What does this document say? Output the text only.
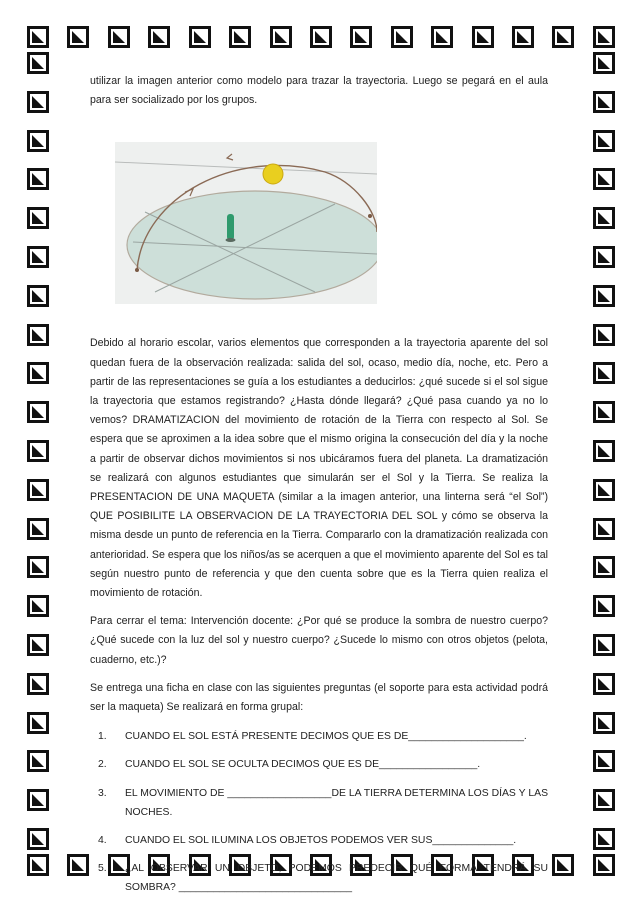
utilizar la imagen anterior como modelo para trazar la trayectoria. Luego se pegará en el aula para ser socializado por los grupos.

Debido al horario escolar, varios elementos que corresponden a la trayectoria aparente del sol quedan fuera de la observación realizada: salida del sol, ocaso, medio día, noche, etc. Pero a partir de las representaciones se guía a los estudiantes a deducirlos: ¿qué sucede si el sol sigue la trayectoria que estamos registrando? ¿Hasta dónde llegará? ¿Qué pasa cuando ya no lo vemos? DRAMATIZACION del movimiento de rotación de la Tierra con respecto al Sol. Se espera que se aproximen a la idea sobre que el mismo origina la consecución del día y la noche a partir de observar dichos movimientos si nos ubicáramos fuera del planeta. La dramatización se realizará con algunos estudiantes que simularán ser el Sol y la Tierra. Se realiza la PRESENTACION DE UNA MAQUETA (similar a la imagen anterior, una linterna será “el Sol”) QUE POSIBILITE LA OBSERVACION DE LA TRAYECTORIA DEL SOL y cómo se observa la misma desde un punto de referencia en la Tierra. Compararlo con la dramatización realizada con anterioridad. Se espera que los niños/as se acerquen a que el movimiento aparente del Sol es tal según nuestro punto de referencia y que den cuenta sobre que es la Tierra quien realiza el movimiento de rotación.

Para cerrar el tema: Intervención docente: ¿Por qué se produce la sombra de nuestro cuerpo? ¿Qué sucede con la luz del sol y nuestro cuerpo? ¿Sucede lo mismo con otros objetos (pelota, cuaderno, etc.)?

Se entrega una ficha en clase con las siguientes preguntas (el soporte para esta actividad podrá ser la maqueta) Se realizará en forma grupal:

1.	CUANDO EL SOL ESTÁ PRESENTE DECIMOS QUE ES DE____________________.
2.	CUANDO EL SOL SE OCULTA DECIMOS QUE ES DE_________________.
3.	EL MOVIMIENTO DE __________________DE LA TIERRA DETERMINA LOS DÍAS Y LAS NOCHES.
4.	CUANDO EL SOL ILUMINA LOS OBJETOS PODEMOS VER SUS______________.
5.	¿AL OBSERVAR UN OBJETO, PODEMOS PREDECIR QUÉ FORMA TENDRÁ SU SOMBRA? ______________________________
